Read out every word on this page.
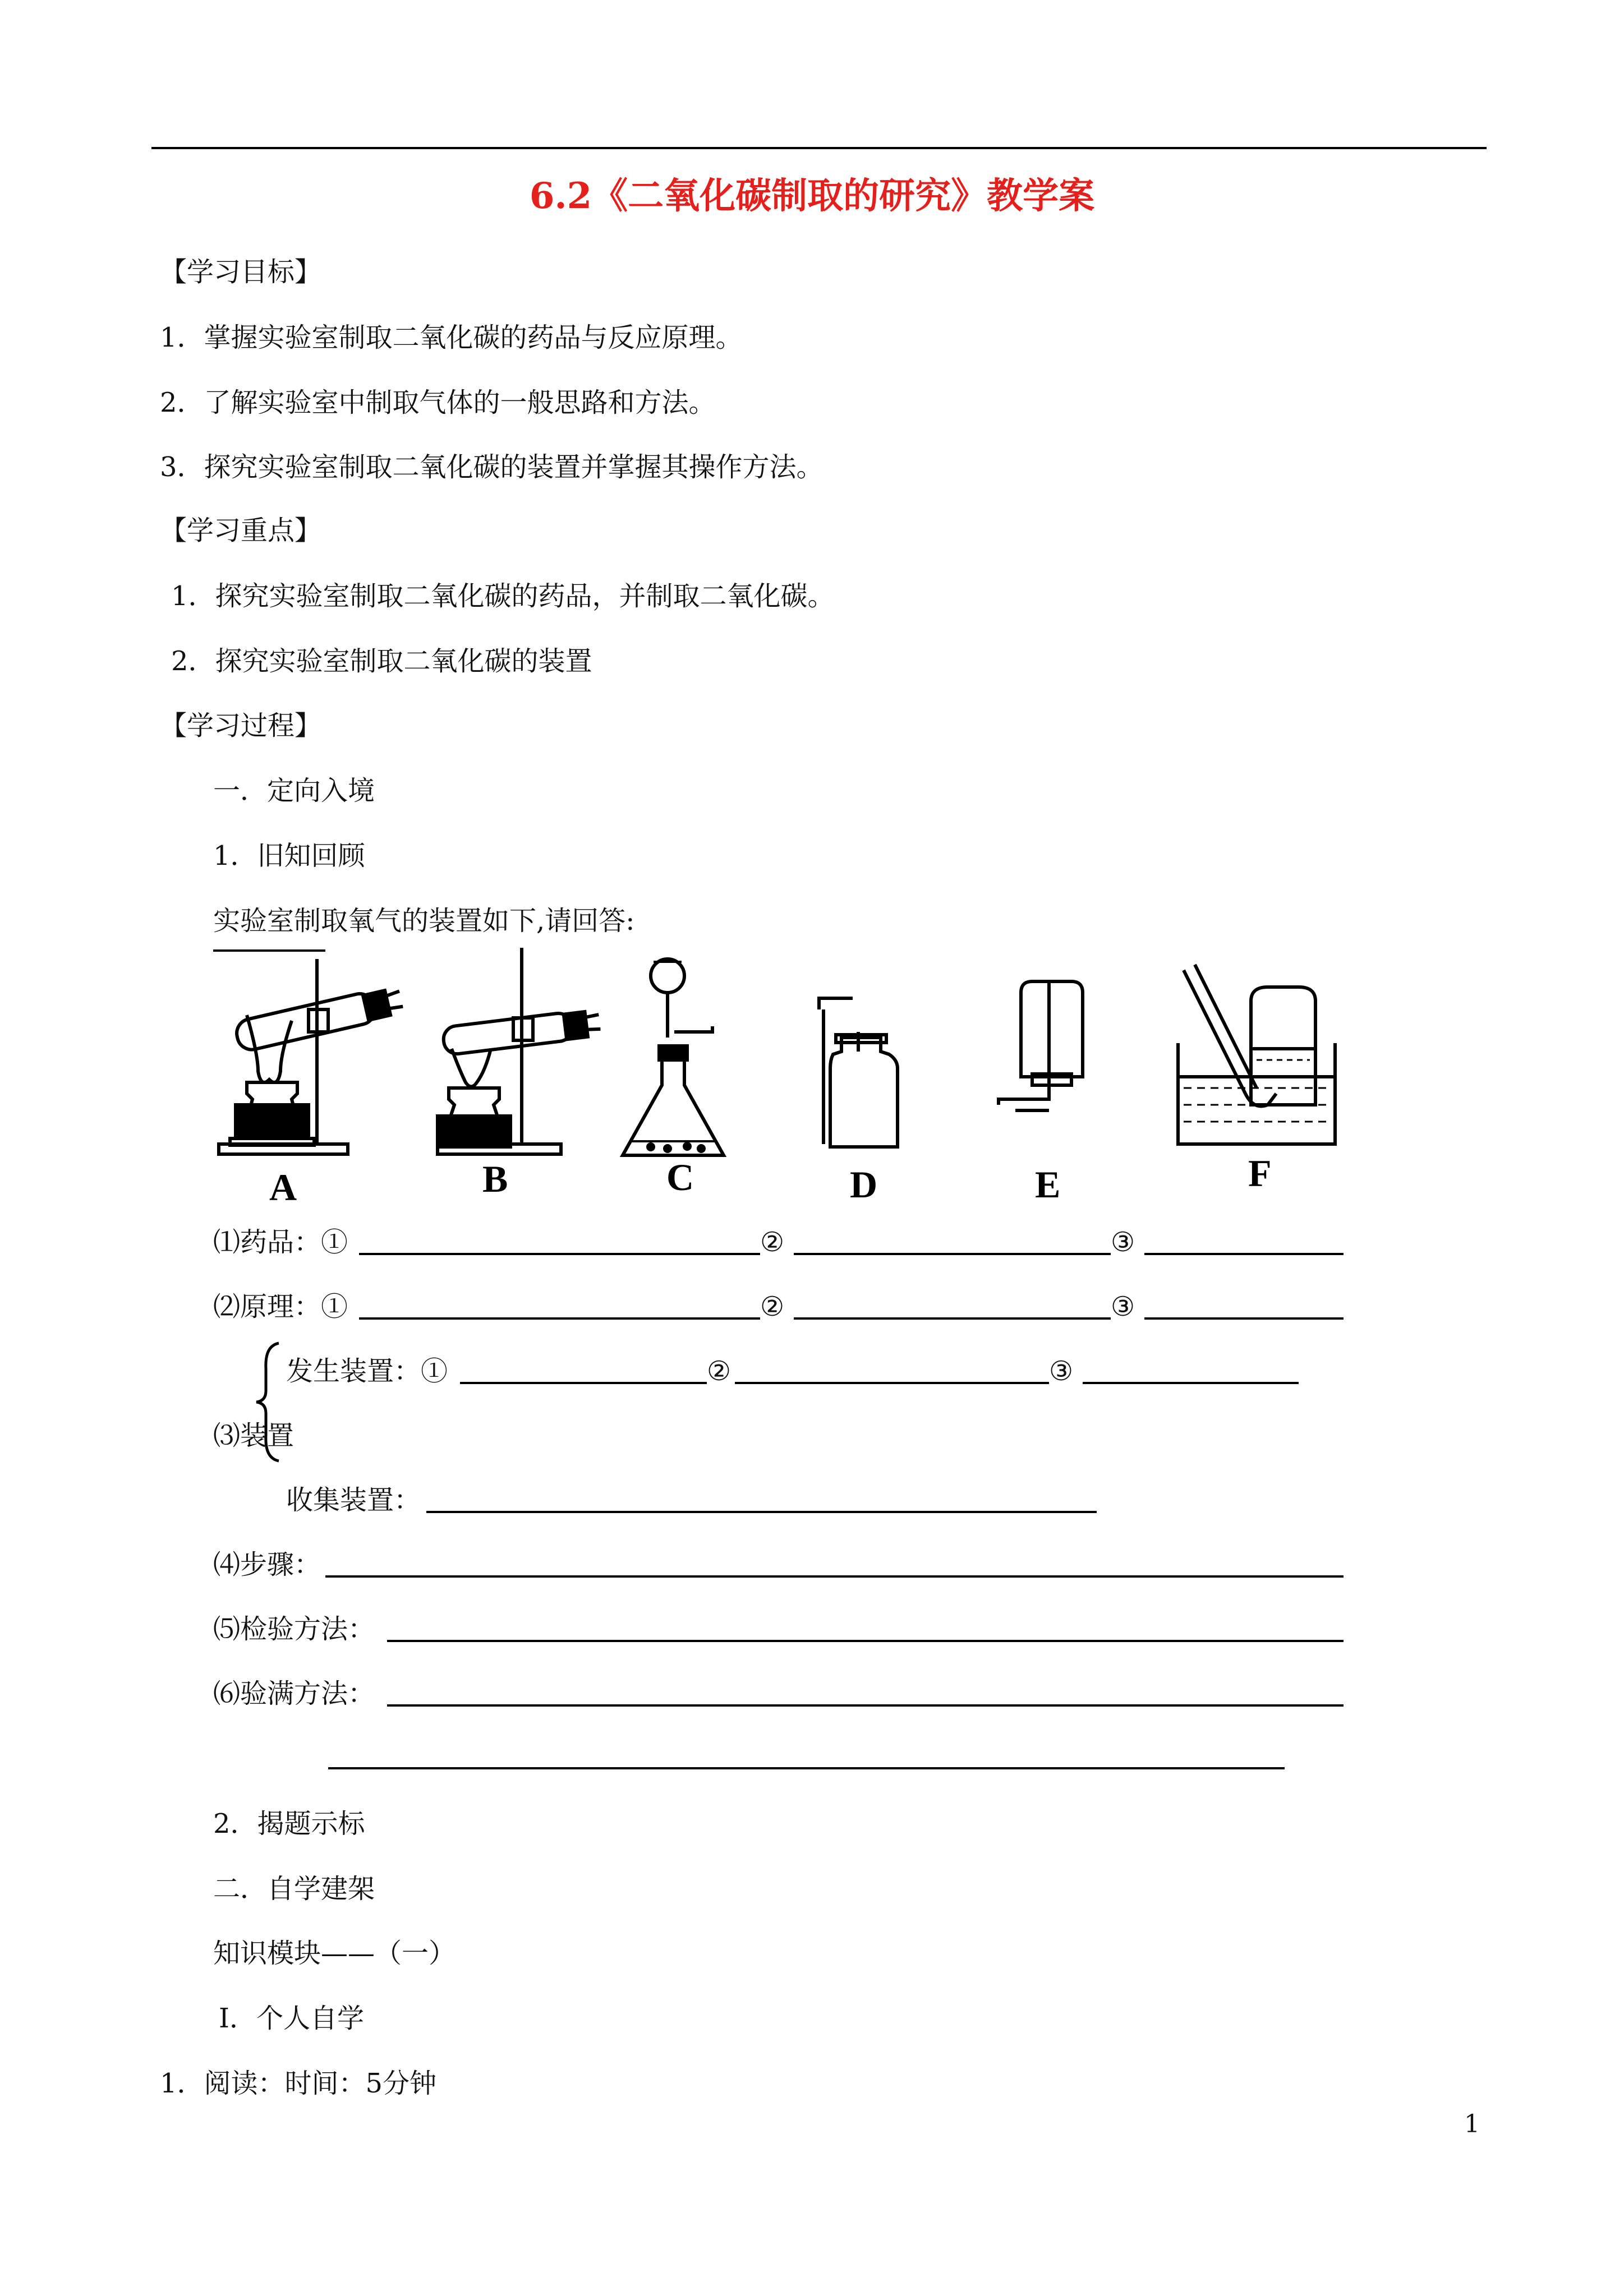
6.2《二氧化碳制取的研究》教学案
【学习目标】
1．掌握实验室制取二氧化碳的药品与反应原理。
2．了解实验室中制取气体的一般思路和方法。
3．探究实验室制取二氧化碳的装置并掌握其操作方法。
【学习重点】
1．探究实验室制取二氧化碳的药品，并制取二氧化碳。
2．探究实验室制取二氧化碳的装置
【学习过程】
一．定向入境
1．旧知回顾
实验室制取氧气的装置如下,请回答:
A	B	C	D	E	F
⑴药品：①	②	③
⑵原理：①	②	③
发生装置：①	②	③
⑶装置
收集装置：
⑷步骤：
⑸检验方法：
⑹验满方法：
2．揭题示标
二．自学建架
知识模块——（一）
Ⅰ．个人自学
1．阅读：时间：5分钟
1
